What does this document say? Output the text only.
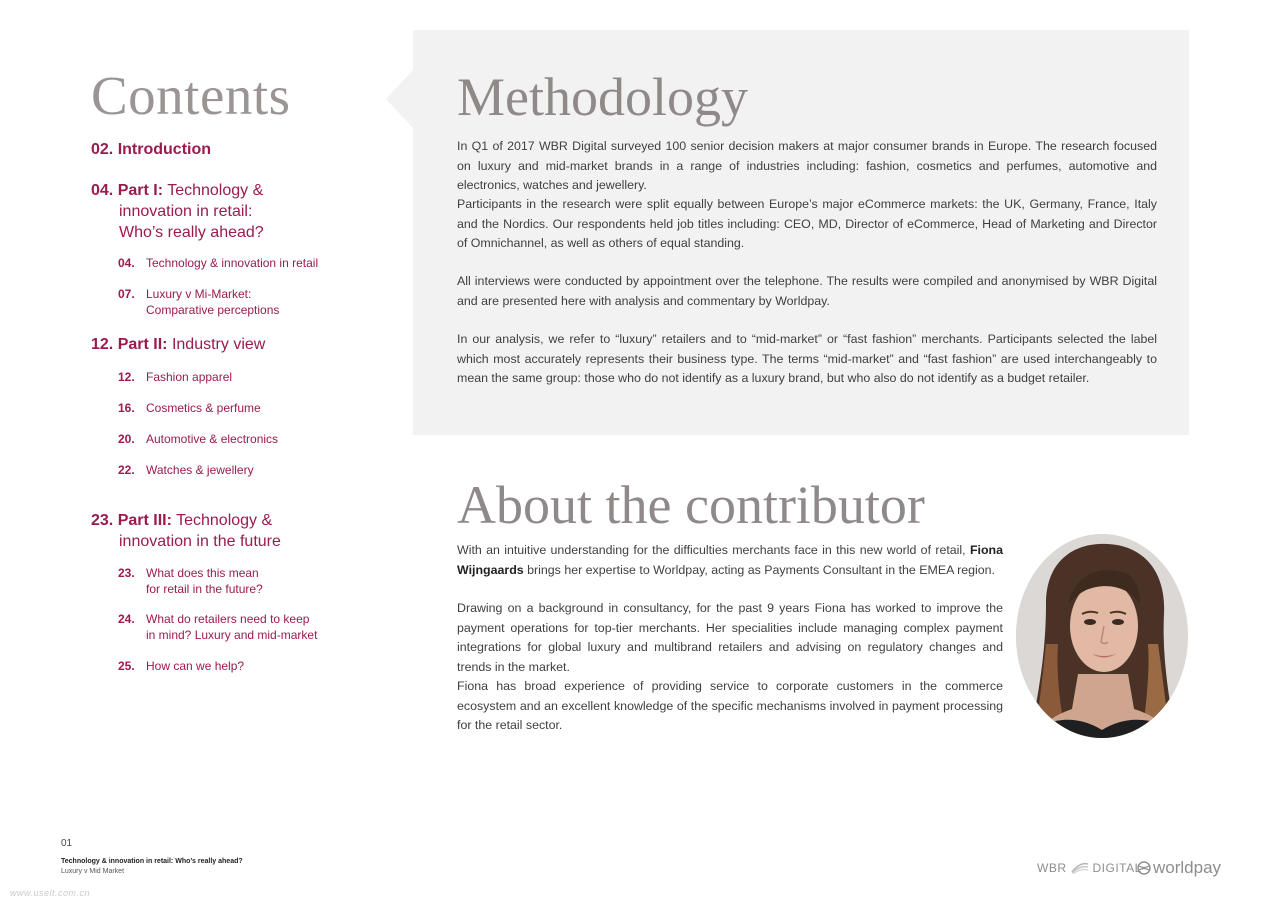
Contents
02. Introduction
04. Part I: Technology &
innovation in retail:
Who’s really ahead?
04. Technology & innovation in retail
07. Luxury v Mi-Market:
Comparative perceptions
12. Part II: Industry view
12. Fashion apparel
16. Cosmetics & perfume
20. Automotive & electronics
22. Watches & jewellery
23. Part III: Technology &
innovation in the future
23. What does this mean
for retail in the future?
24. What do retailers need to keep
in mind? Luxury and mid-market
25. How can we help?
Methodology

In Q1 of 2017 WBR Digital surveyed 100 senior decision makers at major consumer brands in Europe. The research focused on luxury and mid-market brands in a range of industries including: fashion, cosmetics and perfumes, automotive and electronics, watches and jewellery.

Participants in the research were split equally between Europe’s major eCommerce markets: the UK, Germany, France, Italy and the Nordics. Our respondents held job titles including: CEO, MD, Director of eCommerce, Head of Marketing and Director of Omnichannel, as well as others of equal standing.

All interviews were conducted by appointment over the telephone. The results were compiled and anonymised by WBR Digital and are presented here with analysis and commentary by Worldpay.

In our analysis, we refer to “luxury” retailers and to “mid-market” or “fast fashion” merchants. Participants selected the label which most accurately represents their business type. The terms “mid-market” and “fast fashion” are used interchangeably to mean the same group: those who do not identify as a luxury brand, but who also do not identify as a budget retailer.

About the contributor

With an intuitive understanding for the difficulties merchants face in this new world of retail, Fiona Wijngaards brings her expertise to Worldpay, acting as Payments Consultant in the EMEA region.

Drawing on a background in consultancy, for the past 9 years Fiona has worked to improve the payment operations for top-tier merchants. Her specialities include managing complex payment integrations for global luxury and multibrand retailers and advising on regulatory changes and trends in the market.

Fiona has broad experience of providing service to corporate customers in the commerce ecosystem and an excellent knowledge of the specific mechanisms involved in payment processing for the retail sector.

01
Technology & innovation in retail: Who’s really ahead?
Luxury v Mid Market
www.uselt.com.cn
WBR DIGITAL worldpay
